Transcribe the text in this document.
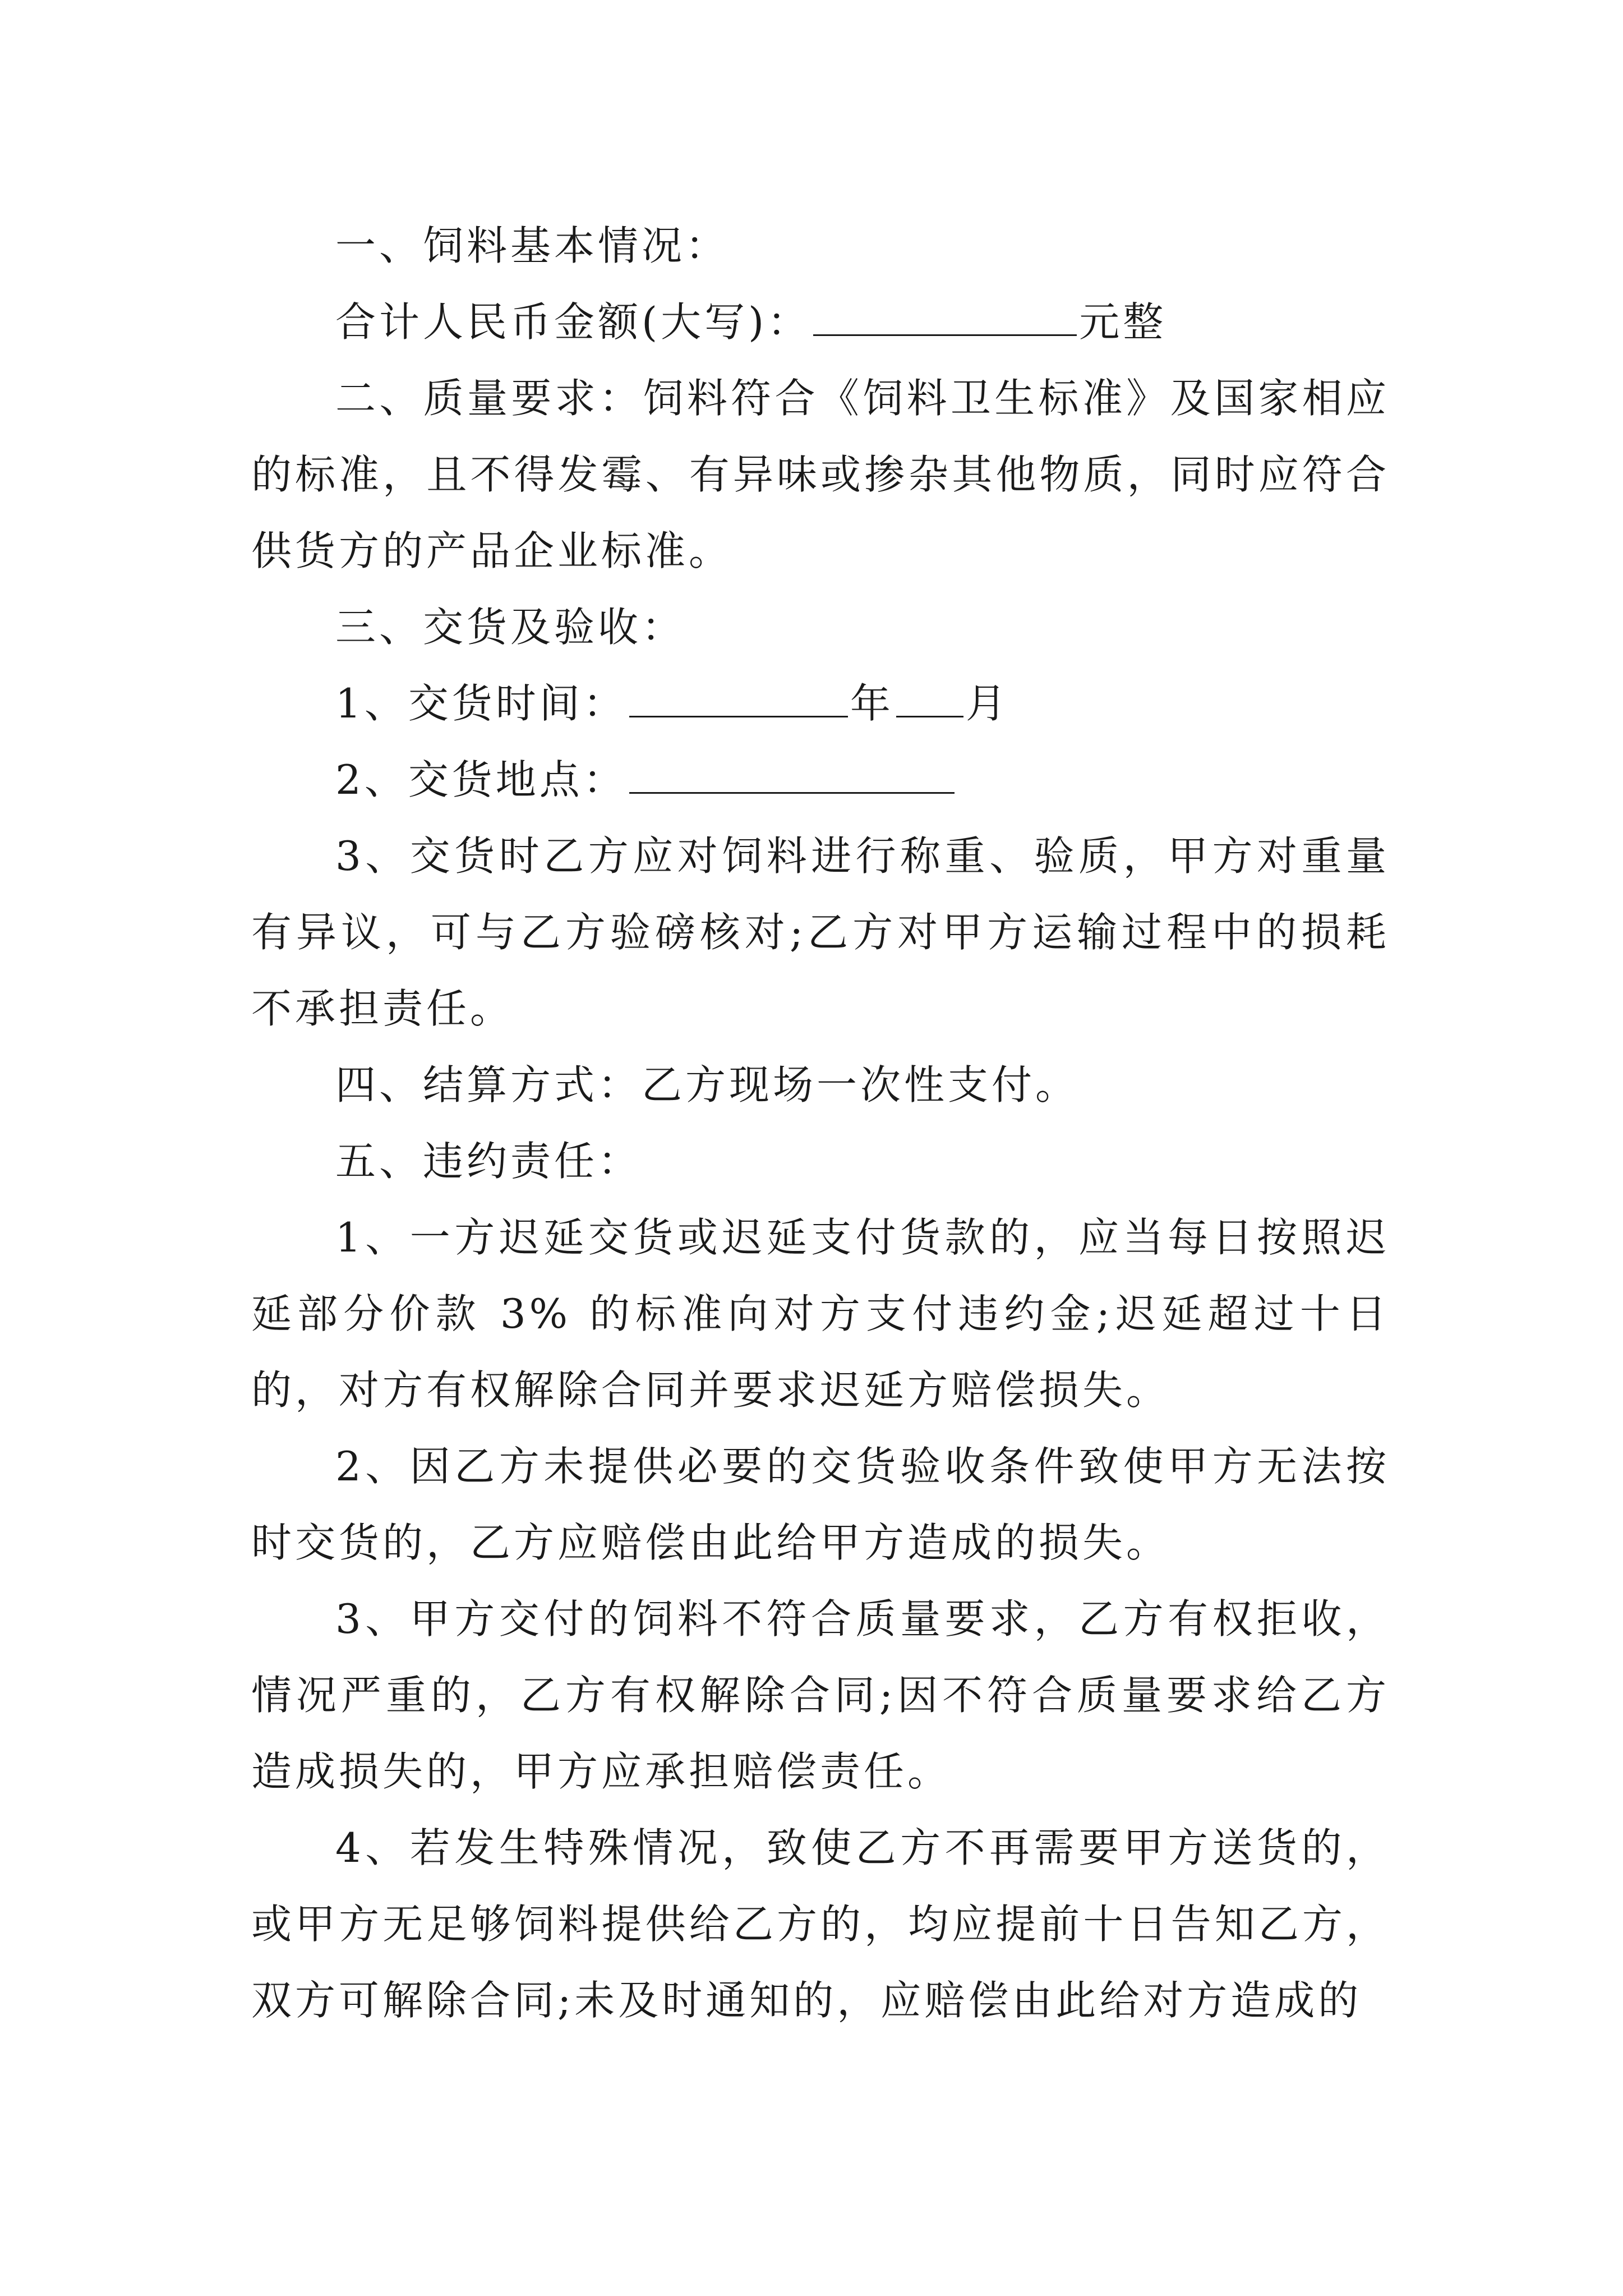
一、饲料基本情况：

合计人民币金额(大写)：	元整

二、质量要求：饲料符合《饲料卫生标准》及国家相应的标准，且不得发霉、有异味或掺杂其他物质，同时应符合供货方的产品企业标准。

三、交货及验收：

1、交货时间：	年 月

2、交货地点：

3、交货时乙方应对饲料进行称重、验质，甲方对重量有异议，可与乙方验磅核对;乙方对甲方运输过程中的损耗不承担责任。

四、结算方式：乙方现场一次性支付。

五、违约责任：

1、一方迟延交货或迟延支付货款的，应当每日按照迟延部分价款 3% 的标准向对方支付违约金;迟延超过十日的，对方有权解除合同并要求迟延方赔偿损失。

2、因乙方未提供必要的交货验收条件致使甲方无法按时交货的，乙方应赔偿由此给甲方造成的损失。

3、甲方交付的饲料不符合质量要求，乙方有权拒收，情况严重的，乙方有权解除合同;因不符合质量要求给乙方造成损失的，甲方应承担赔偿责任。

4、若发生特殊情况，致使乙方不再需要甲方送货的，或甲方无足够饲料提供给乙方的，均应提前十日告知乙方，双方可解除合同;未及时通知的，应赔偿由此给对方造成的
